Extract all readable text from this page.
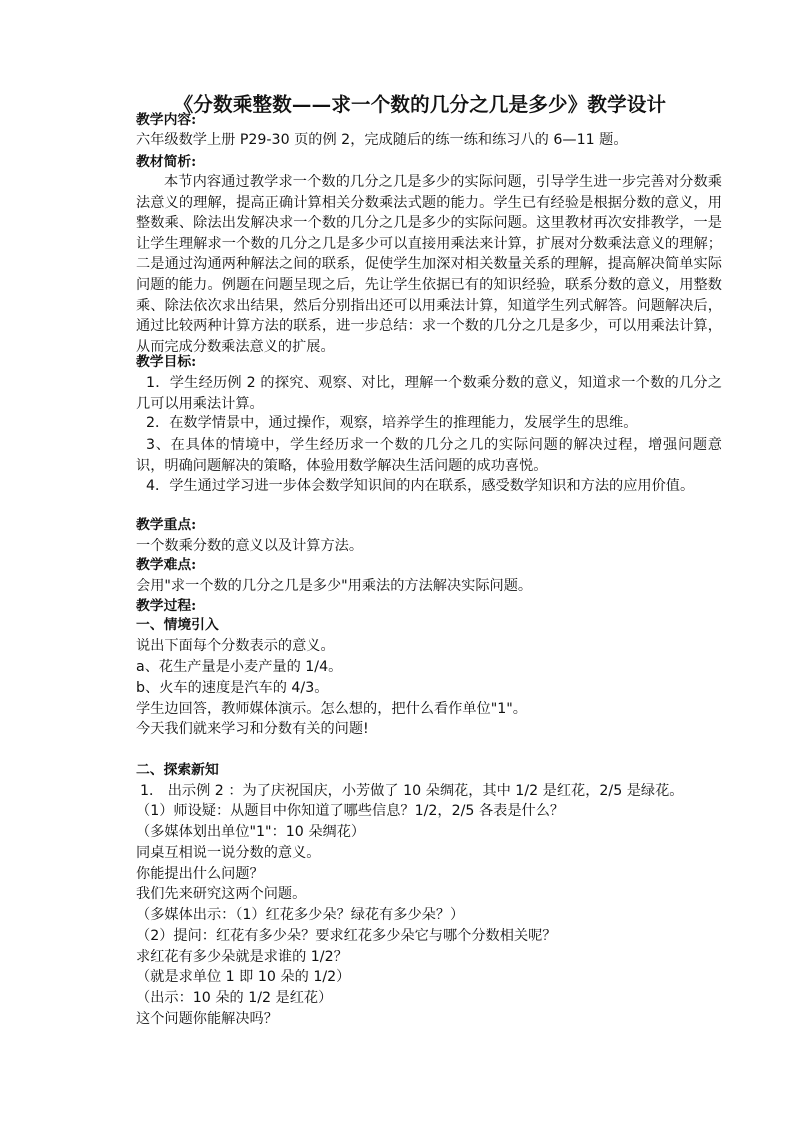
《分数乘整数——求一个数的几分之几是多少》教学设计
教学内容:
六年级数学上册 P29-30 页的例 2，完成随后的练一练和练习八的 6—11 题。
教材简析:
本节内容通过教学求一个数的几分之几是多少的实际问题，引导学生进一步完善对分数乘法意义的理解，提高正确计算相关分数乘法式题的能力。学生已有经验是根据分数的意义，用整数乘、除法出发解决求一个数的几分之几是多少的实际问题。这里教材再次安排教学，一是让学生理解求一个数的几分之几是多少可以直接用乘法来计算，扩展对分数乘法意义的理解；二是通过沟通两种解法之间的联系，促使学生加深对相关数量关系的理解，提高解决简单实际问题的能力。例题在问题呈现之后，先让学生依据已有的知识经验，联系分数的意义，用整数乘、除法依次求出结果，然后分别指出还可以用乘法计算，知道学生列式解答。问题解决后，通过比较两种计算方法的联系，进一步总结：求一个数的几分之几是多少，可以用乘法计算，从而完成分数乘法意义的扩展。
教学目标:
1．学生经历例 2 的探究、观察、对比，理解一个数乘分数的意义，知道求一个数的几分之几可以用乘法计算。
2．在数学情景中，通过操作，观察，培养学生的推理能力，发展学生的思维。
3、在具体的情境中，学生经历求一个数的几分之几的实际问题的解决过程，增强问题意识，明确问题解决的策略，体验用数学解决生活问题的成功喜悦。
4．学生通过学习进一步体会数学知识间的内在联系，感受数学知识和方法的应用价值。
教学重点:
一个数乘分数的意义以及计算方法。
教学难点:
会用"求一个数的几分之几是多少"用乘法的方法解决实际问题。
教学过程:
一、情境引入
说出下面每个分数表示的意义。
a、花生产量是小麦产量的 1/4。
b、火车的速度是汽车的 4/3。
学生边回答，教师媒体演示。怎么想的，把什么看作单位"1"。
今天我们就来学习和分数有关的问题!
二、探索新知
1． 出示例 2 ：为了庆祝国庆，小芳做了 10 朵绸花，其中 1/2 是红花，2/5 是绿花。
（1）师设疑：从题目中你知道了哪些信息？1/2，2/5 各表是什么？
（多媒体划出单位"1"：10 朵绸花）
同桌互相说一说分数的意义。
你能提出什么问题？
我们先来研究这两个问题。
（多媒体出示：（1）红花多少朵？绿花有多少朵？）
（2）提问：红花有多少朵？要求红花多少朵它与哪个分数相关呢？
求红花有多少朵就是求谁的 1/2？
（就是求单位 1 即 10 朵的 1/2）
（出示：10 朵的 1/2 是红花）
这个问题你能解决吗？
